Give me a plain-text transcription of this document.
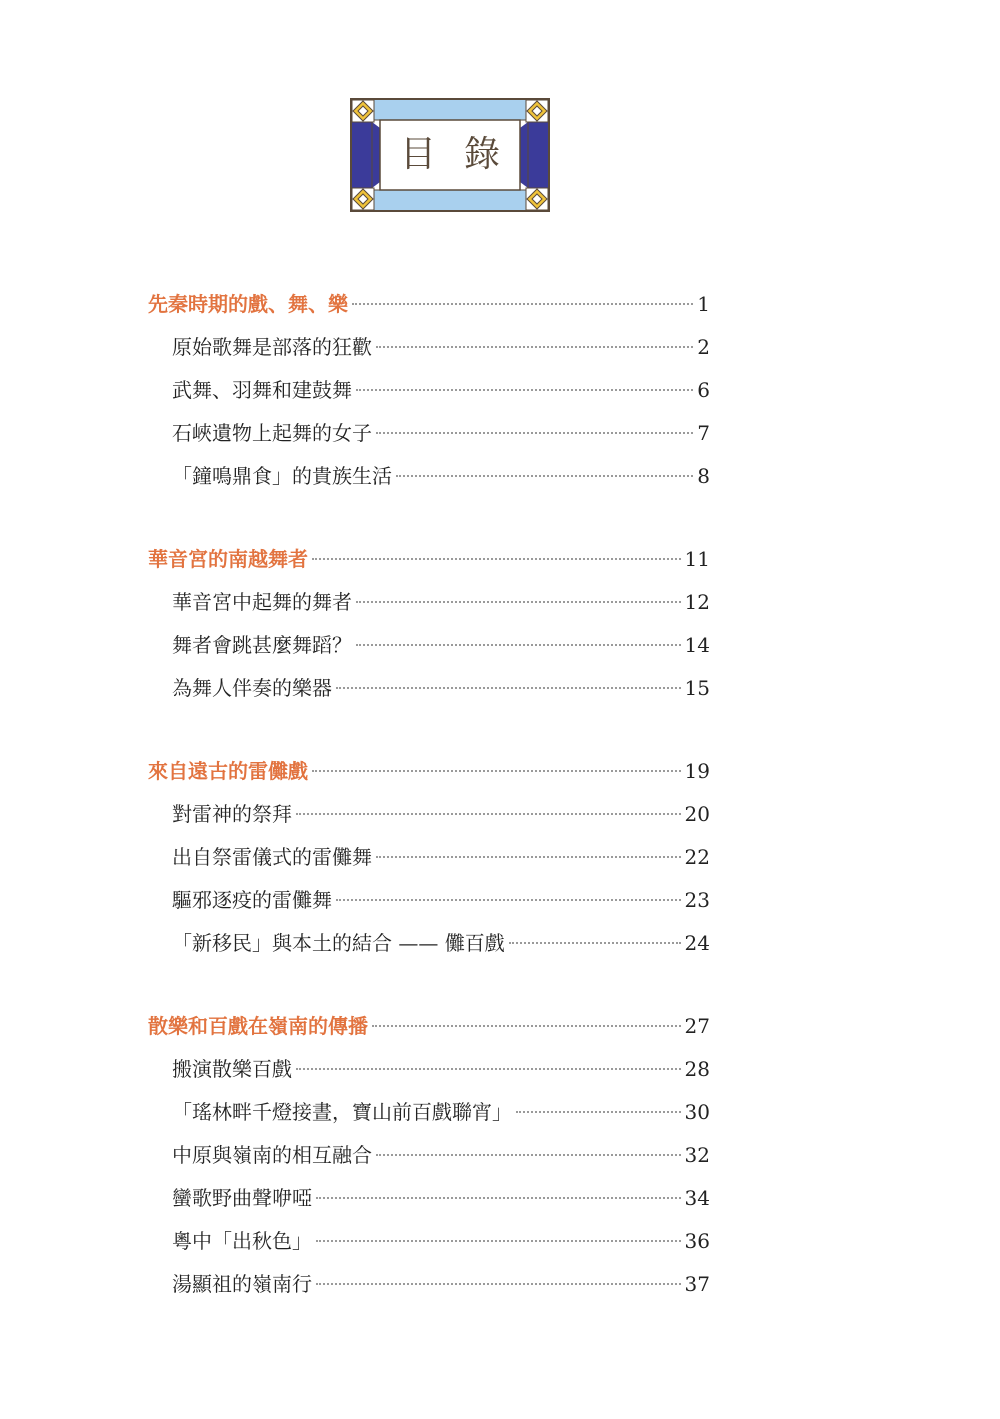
目錄
先秦時期的戲、舞、樂	1
原始歌舞是部落的狂歡	2
武舞、羽舞和建鼓舞	6
石峽遺物上起舞的女子	7
「鐘鳴鼎食」的貴族生活	8
華音宮的南越舞者	11
華音宮中起舞的舞者	12
舞者會跳甚麼舞蹈？	14
為舞人伴奏的樂器	15
來自遠古的雷儺戲	19
對雷神的祭拜	20
出自祭雷儀式的雷儺舞	22
驅邪逐疫的雷儺舞	23
「新移民」與本土的結合 —— 儺百戲	24
散樂和百戲在嶺南的傳播	27
搬演散樂百戲	28
「瑤林畔千燈接晝，寶山前百戲聯宵」	30
中原與嶺南的相互融合	32
蠻歌野曲聲咿啞	34
粵中「出秋色」	36
湯顯祖的嶺南行	37
